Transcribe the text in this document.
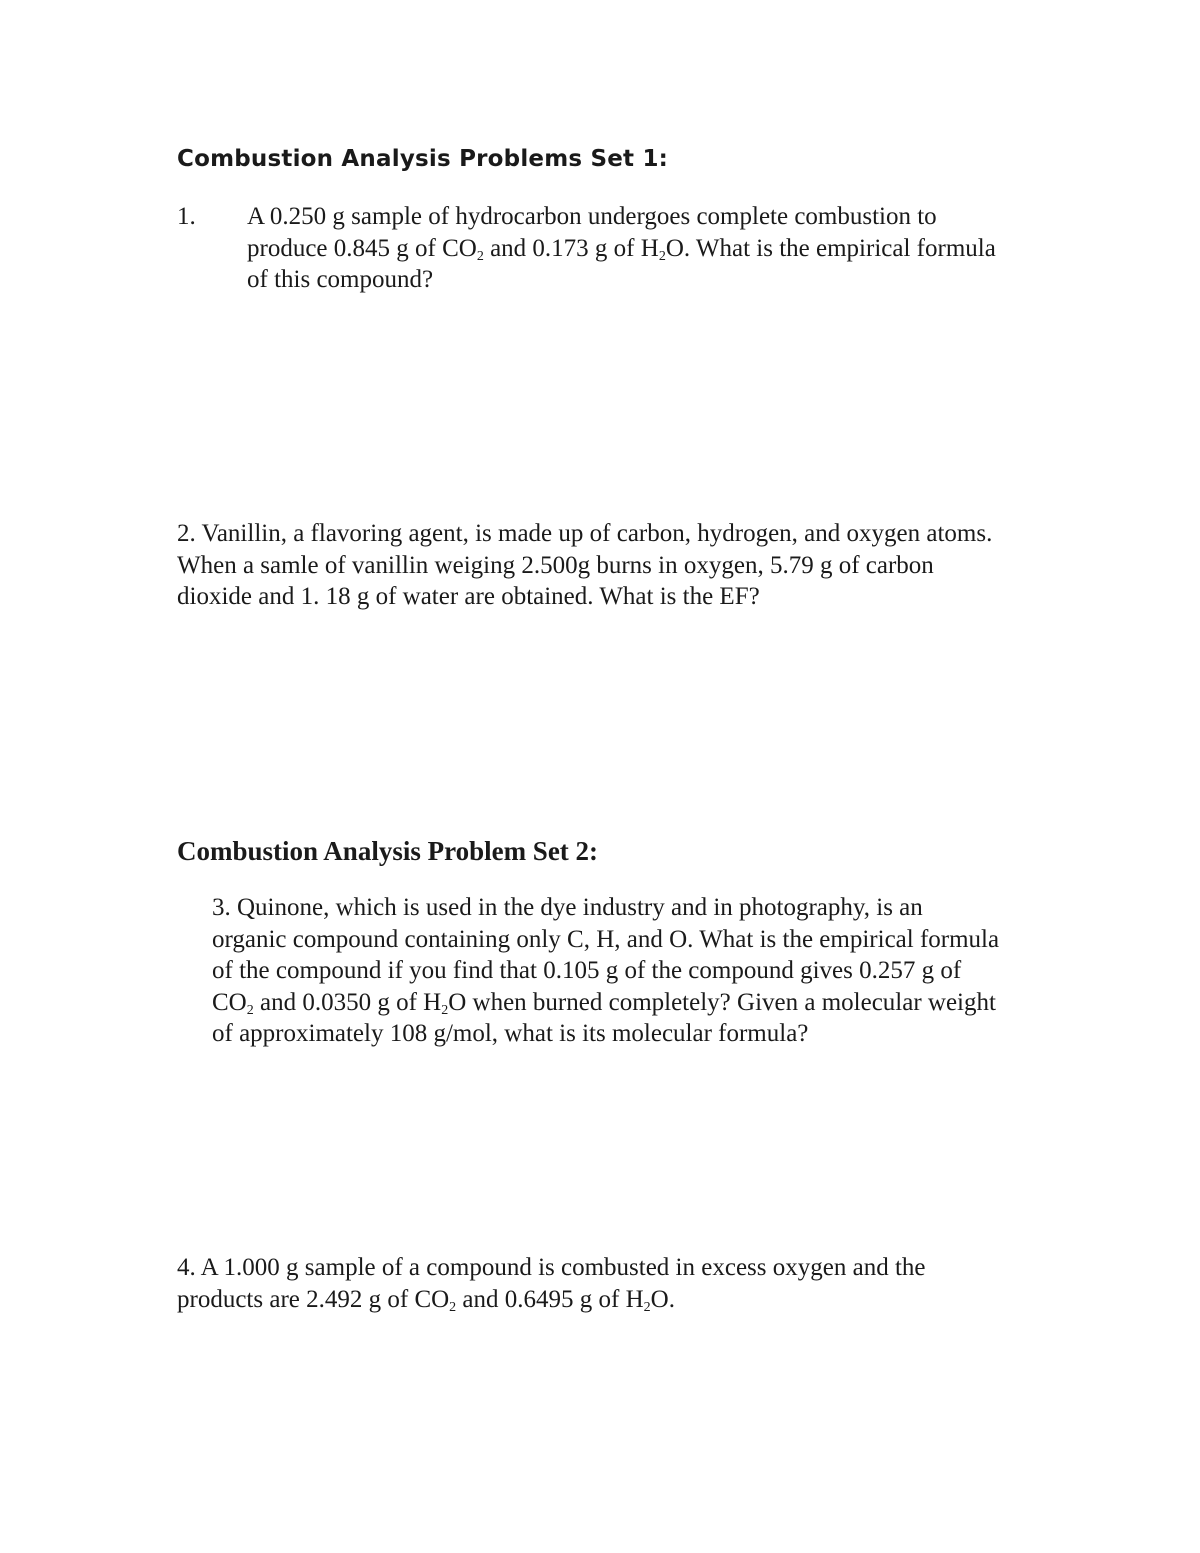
Combustion Analysis Problems Set 1:
1. A 0.250 g sample of hydrocarbon undergoes complete combustion to produce 0.845 g of $CO_2$ and 0.173 g of $H_2O$. What is the empirical formula of this compound?

2. Vanillin, a flavoring agent, is made up of carbon, hydrogen, and oxygen atoms. When a samle of vanillin weiging 2.500g burns in oxygen, 5.79 g of carbon dioxide and 1. 18 g of water are obtained. What is the EF?

Combustion Analysis Problem Set 2:

3. Quinone, which is used in the dye industry and in photography, is an organic compound containing only C, H, and O. What is the empirical formula of the compound if you find that 0.105 g of the compound gives 0.257 g of $CO_2$ and 0.0350 g of $H_2O$ when burned completely? Given a molecular weight of approximately 108 g/mol, what is its molecular formula?

4. A 1.000 g sample of a compound is combusted in excess oxygen and the products are 2.492 g of $CO_2$ and 0.6495 g of $H_2O$.
